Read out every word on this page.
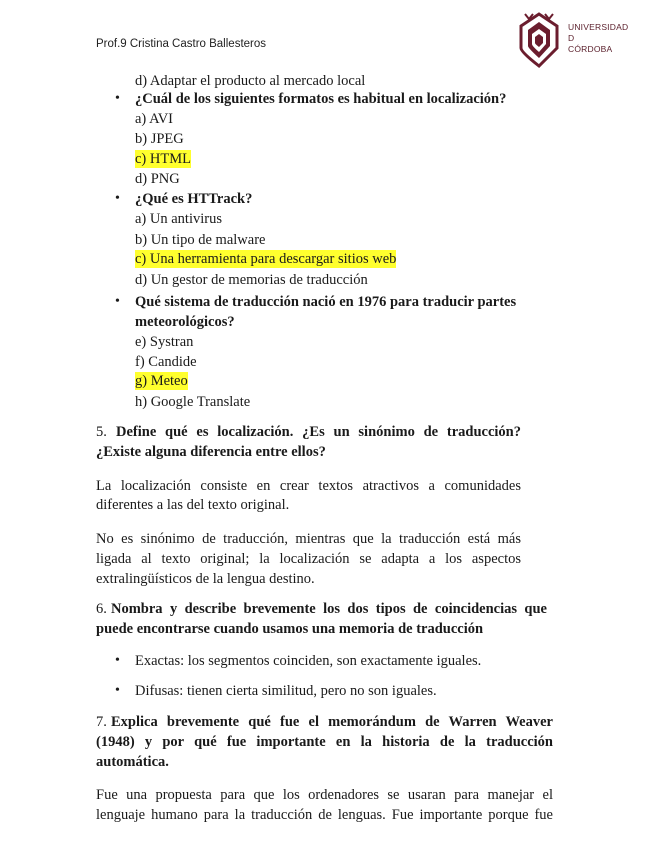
Prof.9 Cristina Castro Ballesteros
UNIVERSIDAD
D
CÓRDOBA
d) Adaptar el producto al mercado local
• ¿Cuál de los siguientes formatos es habitual en localización?
a) AVI
b) JPEG
c) HTML
d) PNG
• ¿Qué es HTTrack?
a) Un antivirus
b) Un tipo de malware
c) Una herramienta para descargar sitios web
d) Un gestor de memorias de traducción
• Qué sistema de traducción nació en 1976 para traducir partes
meteorológicos?
e) Systran
f) Candide
g) Meteo
h) Google Translate
5. Define qué es localización. ¿Es un sinónimo de traducción?
¿Existe alguna diferencia entre ellos?
La localización consiste en crear textos atractivos a comunidades
diferentes a las del texto original.
No es sinónimo de traducción, mientras que la traducción está más
ligada al texto original; la localización se adapta a los aspectos
extralingüísticos de la lengua destino.
6. Nombra y describe brevemente los dos tipos de coincidencias que
puede encontrarse cuando usamos una memoria de traducción
• Exactas: los segmentos coinciden, son exactamente iguales.
• Difusas: tienen cierta similitud, pero no son iguales.
7. Explica brevemente qué fue el memorándum de Warren Weaver
(1948) y por qué fue importante en la historia de la traducción
automática.
Fue una propuesta para que los ordenadores se usaran para manejar el
lenguaje humano para la traducción de lenguas. Fue importante porque fue
